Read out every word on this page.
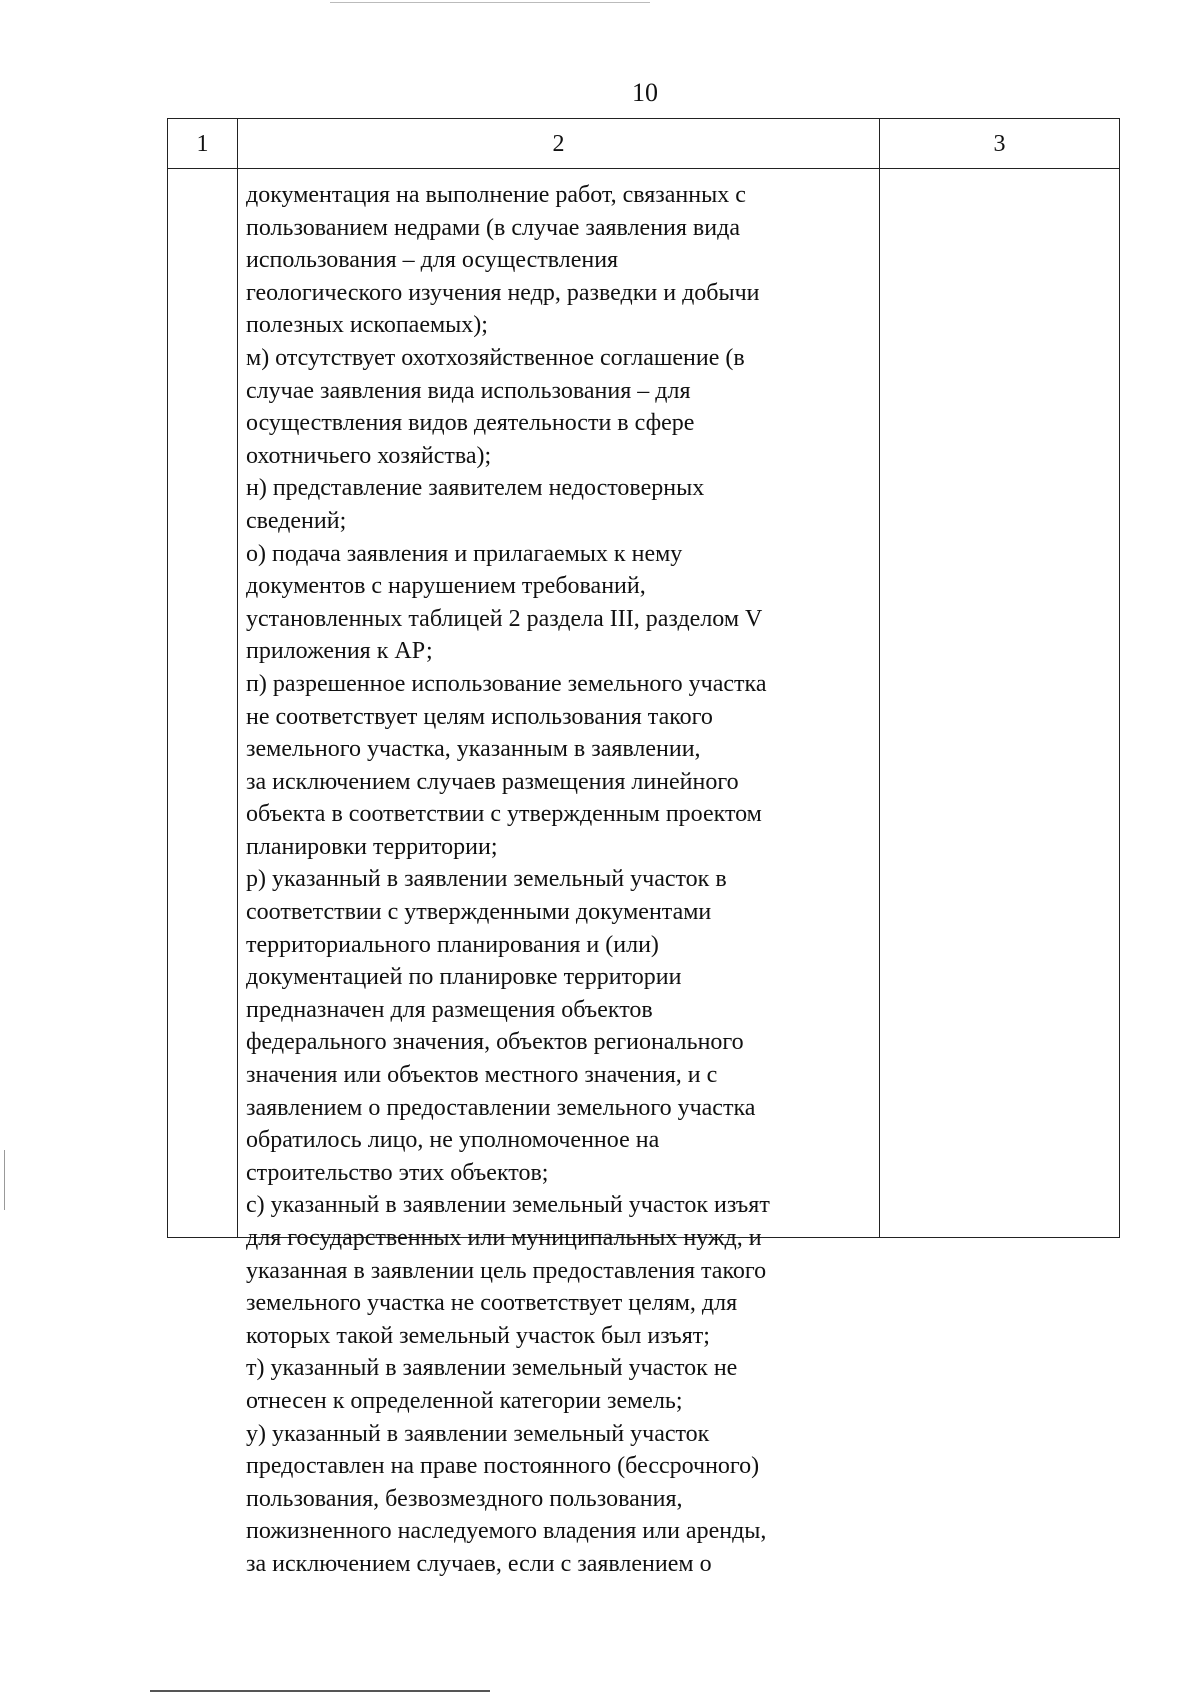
10
1	2
документация на выполнение работ, связанных с
пользованием недрами (в случае заявления вида
использования – для осуществления
геологического изучения недр, разведки и добычи
полезных ископаемых);
м) отсутствует охотхозяйственное соглашение (в
случае заявления вида использования – для
осуществления видов деятельности в сфере
охотничьего хозяйства);
н) представление заявителем недостоверных
сведений;
о) подача заявления и прилагаемых к нему
документов с нарушением требований,
установленных таблицей 2 раздела III, разделом V
приложения к АР;
п) разрешенное использование земельного участка
не соответствует целям использования такого
земельного участка, указанным в заявлении,
за исключением случаев размещения линейного
объекта в соответствии с утвержденным проектом
планировки территории;
р) указанный в заявлении земельный участок в
соответствии с утвержденными документами
территориального планирования и (или)
документацией по планировке территории
предназначен для размещения объектов
федерального значения, объектов регионального
значения или объектов местного значения, и с
заявлением о предоставлении земельного участка
обратилось лицо, не уполномоченное на
строительство этих объектов;
с) указанный в заявлении земельный участок изъят
для государственных или муниципальных нужд, и
указанная в заявлении цель предоставления такого
земельного участка не соответствует целям, для
которых такой земельный участок был изъят;
т) указанный в заявлении земельный участок не
отнесен к определенной категории земель;
у) указанный в заявлении земельный участок
предоставлен на праве постоянного (бессрочного)
пользования, безвозмездного пользования,
пожизненного наследуемого владения или аренды,
за исключением случаев, если с заявлением о
3
